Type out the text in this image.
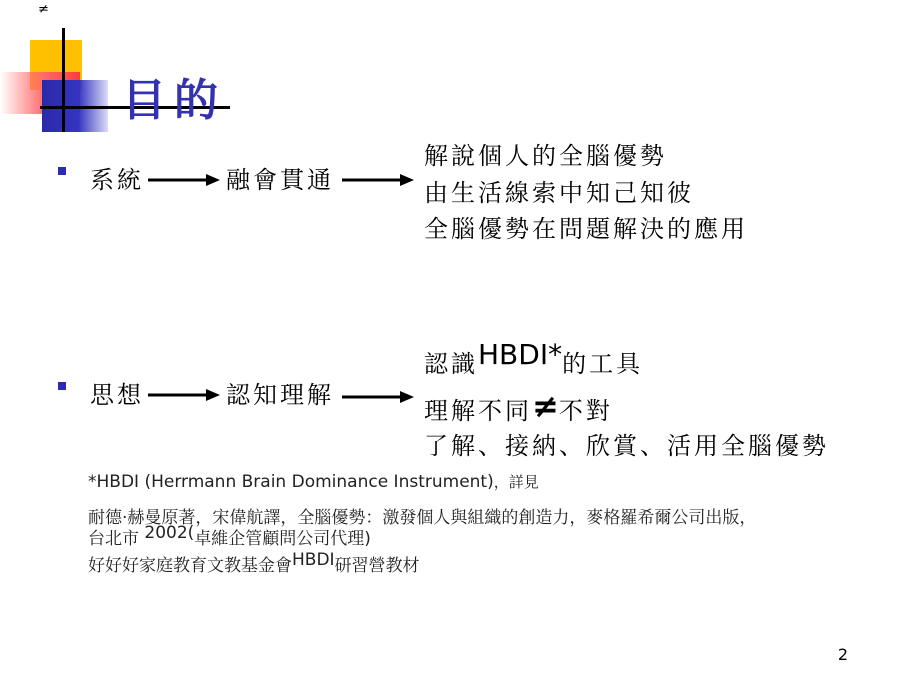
≠
目的
系統	融會貫通
解說個人的全腦優勢
由生活線索中知己知彼
全腦優勢在問題解決的應用
思想	認知理解
認識HBDI*的工具
理解不同≠不對
了解、接納、欣賞、活用全腦優勢
*HBDI (Herrmann Brain Dominance Instrument)，詳見
耐德‧赫曼原著，宋偉航譯，全腦優勢：激發個人與組織的創造力，麥格羅希爾公司出版，
台北市 2002(卓維企管顧問公司代理)
好好好家庭教育文教基金會HBDI研習營教材
2
